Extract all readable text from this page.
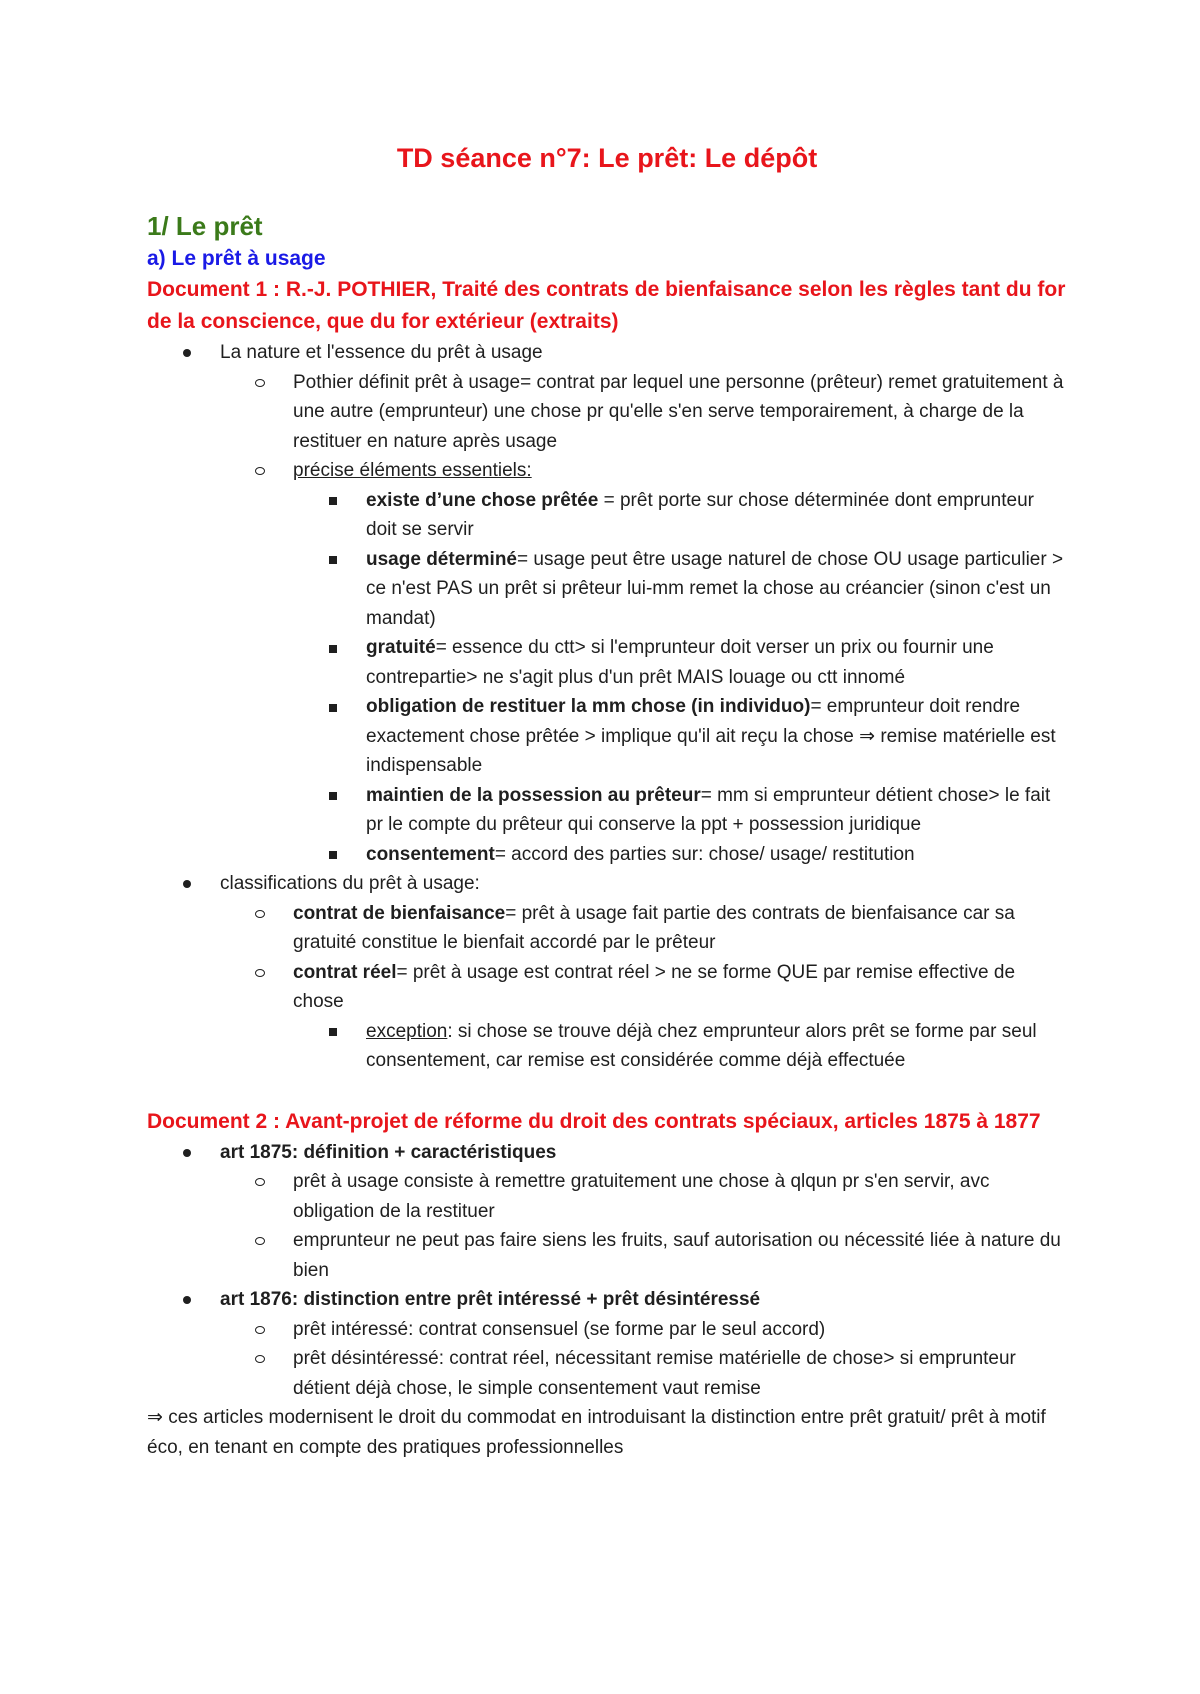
TD séance n°7: Le prêt: Le dépôt
1/ Le prêt
a) Le prêt à usage
Document 1 : R.-J. POTHIER, Traité des contrats de bienfaisance selon les règles tant du for de la conscience, que du for extérieur (extraits)
La nature et l'essence du prêt à usage
Pothier définit prêt à usage= contrat par lequel une personne (prêteur) remet gratuitement à une autre (emprunteur) une chose pr qu'elle s'en serve temporairement, à charge de la restituer en nature après usage
précise éléments essentiels:
existe d’une chose prêtée = prêt porte sur chose déterminée dont emprunteur doit se servir
usage déterminé= usage peut être usage naturel de chose OU usage particulier > ce n'est PAS un prêt si prêteur lui-mm remet la chose au créancier (sinon c'est un mandat)
gratuité= essence du ctt> si l'emprunteur doit verser un prix ou fournir une contrepartie> ne s'agit plus d'un prêt MAIS louage ou ctt innomé
obligation de restituer la mm chose (in individuo)= emprunteur doit rendre exactement chose prêtée > implique qu'il ait reçu la chose ⇒ remise matérielle est indispensable
maintien de la possession au prêteur= mm si emprunteur détient chose> le fait pr le compte du prêteur qui conserve la ppt + possession juridique
consentement= accord des parties sur: chose/ usage/ restitution
classifications du prêt à usage:
contrat de bienfaisance= prêt à usage fait partie des contrats de bienfaisance car sa gratuité constitue le bienfait accordé par le prêteur
contrat réel= prêt à usage est contrat réel > ne se forme QUE par remise effective de chose
exception: si chose se trouve déjà chez emprunteur alors prêt se forme par seul consentement, car remise est considérée comme déjà effectuée
Document 2 : Avant-projet de réforme du droit des contrats spéciaux, articles 1875 à 1877
art 1875: définition + caractéristiques
prêt à usage consiste à remettre gratuitement une chose à qlqun pr s'en servir, avc obligation de la restituer
emprunteur ne peut pas faire siens les fruits, sauf autorisation ou nécessité liée à nature du bien
art 1876: distinction entre prêt intéressé + prêt désintéressé
prêt intéressé: contrat consensuel (se forme par le seul accord)
prêt désintéressé: contrat réel, nécessitant remise matérielle de chose> si emprunteur détient déjà chose, le simple consentement vaut remise

⇒ ces articles modernisent le droit du commodat en introduisant la distinction entre prêt gratuit/ prêt à motif éco, en tenant en compte des pratiques professionnelles
